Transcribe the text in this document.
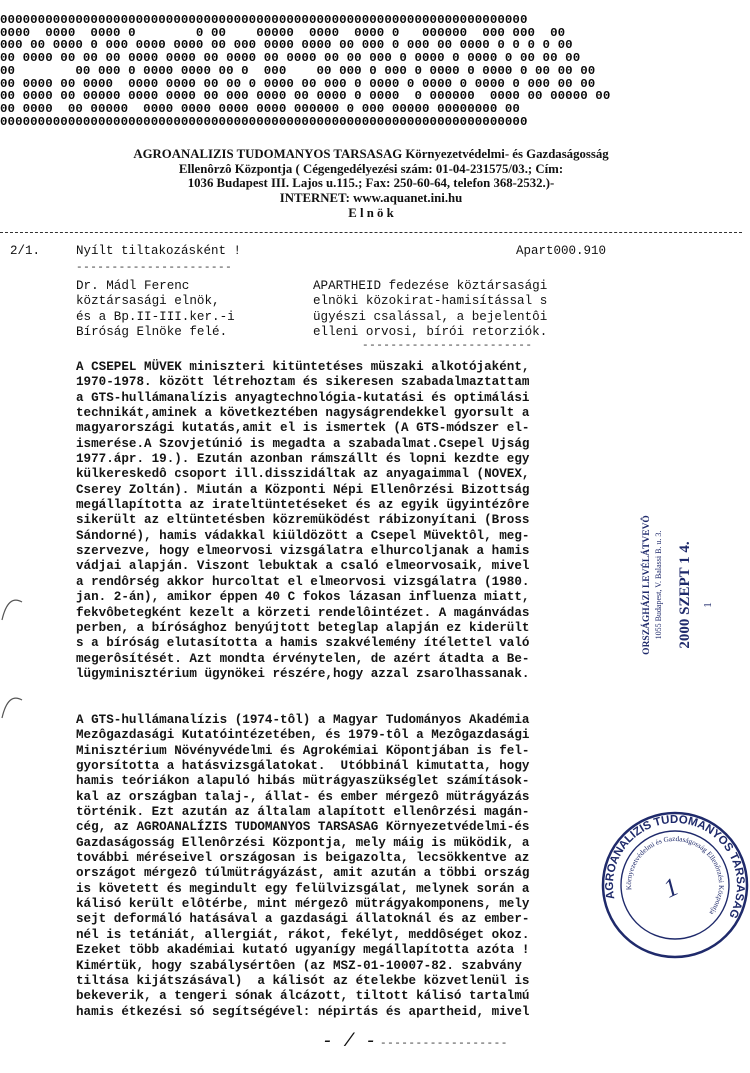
0000000000000000000000000000000000000000000000000000000000000000000000
0000  0000  0000 0        0 00    00000  0000  0000 0   000000  000 000  00
000 00 0000 0 000 0000 0000 00 000 0000 0000 00 000 0 000 00 0000 0 0 0 0 00
00 0000 00 00 00 0000 0000 00 0000 00 0000 00 00 000 0 0000 0 0000 0 00 00 00
00        00 000 0 0000 0000 00 0  000    00 000 0 000 0 0000 0 0000 0 00 00 00
00 0000 00 0000  0000 0000 00 00 0 0000 00 000 0 0000 0 0000 0 0000 0 000 00 00
00 0000 00 00000 0000 0000 00 000 0000 00 0000 0 0000  0 000000  0000 00 00000 00
00 0000  00 00000  0000 0000 0000 0000 000000 0 000 00000 00000000 00
0000000000000000000000000000000000000000000000000000000000000000000000
AGROANALIZIS TUDOMANYOS TARSASAG Környezetvédelmi- és Gazdaságosság
Ellenôrzô Központja ( Cégengedélyezési szám: 01-04-231575/03.; Cím:
1036 Budapest III. Lajos u.115.; Fax: 250-60-64, telefon 368-2532.)-
INTERNET: www.aquanet.ini.hu
E l n ö k
2/1.	Nyílt tiltakozásként !	Apart000.910
----------------------
Dr. Mádl Ferenc
köztársasági elnök,
és a Bp.II-III.ker.-i
Bíróság Elnöke felé.
APARTHEID fedezése köztársasági
elnöki közokirat-hamisítással s
ügyészi csalással, a bejelentôi
elleni orvosi, bírói retorziók.
------------------------
A CSEPEL MÜVEK miniszteri kitüntetéses müszaki alkotójaként,
1970-1978. között létrehoztam és sikeresen szabadalmaztattam
a GTS-hullámanalízis anyagtechnológia-kutatási és optimálási
technikát,aminek a következtében nagyságrendekkel gyorsult a
magyarországi kutatás,amit el is ismertek (A GTS-módszer el-
ismerése.A Szovjetúnió is megadta a szabadalmat.Csepel Ujság
1977.ápr. 19.). Ezután azonban rámszállt és lopni kezdte egy
külkereskedô csoport ill.disszidáltak az anyagaimmal (NOVEX,
Cserey Zoltán). Miután a Központi Népi Ellenôrzési Bizottság
megállapította az irateltüntetéseket és az egyik ügyintézôre
sikerült az eltüntetésben közremüködést rábizonyítani (Bross
Sándorné), hamis vádakkal kiüldözött a Csepel Müvektôl, meg-
szervezve, hogy elmeorvosi vizsgálatra elhurcoljanak a hamis
vádjai alapján. Viszont lebuktak a csaló elmeorvosaik, mivel
a rendôrség akkor hurcoltat el elmeorvosi vizsgálatra (1980.
jan. 2-án), amikor éppen 40 C fokos lázasan influenza miatt,
fekvôbetegként kezelt a körzeti rendelôintézet. A magánvádas
perben, a bírósághoz benyújtott beteglap alapján ez kiderült
s a bíróság elutasította a hamis szakvélemény ítélettel való
megerôsítését. Azt mondta érvénytelen, de azért átadta a Be-
lügyminisztérium ügynökei részére,hogy azzal zsarolhassanak.
A GTS-hullámanalízis (1974-tôl) a Magyar Tudományos Akadémia
Mezôgazdasági Kutatóintézetében, és 1979-tôl a Mezôgazdasági
Minisztérium Növényvédelmi és Agrokémiai Köpontjában is fel-
gyorsította a hatásvizsgálatokat.  Utóbbinál kimutatta, hogy
hamis teóriákon alapuló hibás mütrágyaszükséglet számítások-
kal az országban talaj-, állat- és ember mérgezô mütrágyázás
történik. Ezt azután az általam alapított ellenôrzési magán-
cég, az AGROANALÍZIS TUDOMANYOS TARSASAG Környezetvédelmi-és
Gazdaságosság Ellenôrzési Központja, mely máig is müködik, a
további méréseivel országosan is beigazolta, lecsökkentve az
országot mérgezô túlmütrágyázást, amit azután a többi ország
is követett és megindult egy felülvizsgálat, melynek során a
kálisó került elôtérbe, mint mérgezô mütrágyakomponens, mely
sejt deformáló hatásával a gazdasági állatoknál és az ember-
nél is tetániát, allergiát, rákot, fekélyt, meddôséget okoz.
Ezeket több akadémiai kutató ugyanígy megállapította azóta !
Kimértük, hogy szabálysértôen (az MSZ-01-10007-82. szabvány
tiltása kijátszásával)  a kálisót az ételekbe közvetlenül is
bekeverik, a tengeri sónak álcázott, tiltott kálisó tartalmú
hamis étkezési só segítségével: népirtás és apartheid, mivel
- / - ------------------
ORSZÁGHÁZI LEVÉLÁTVEVÔ 1055 Budapest, V. Balassi B. u. 3. 2000 SZEPT 1 4. 1
AGROANALIZIS TUDOMANYOS TARSASAG
Környezetvédelmi és Gazdaságosság Ellenôrzési Központja
1
